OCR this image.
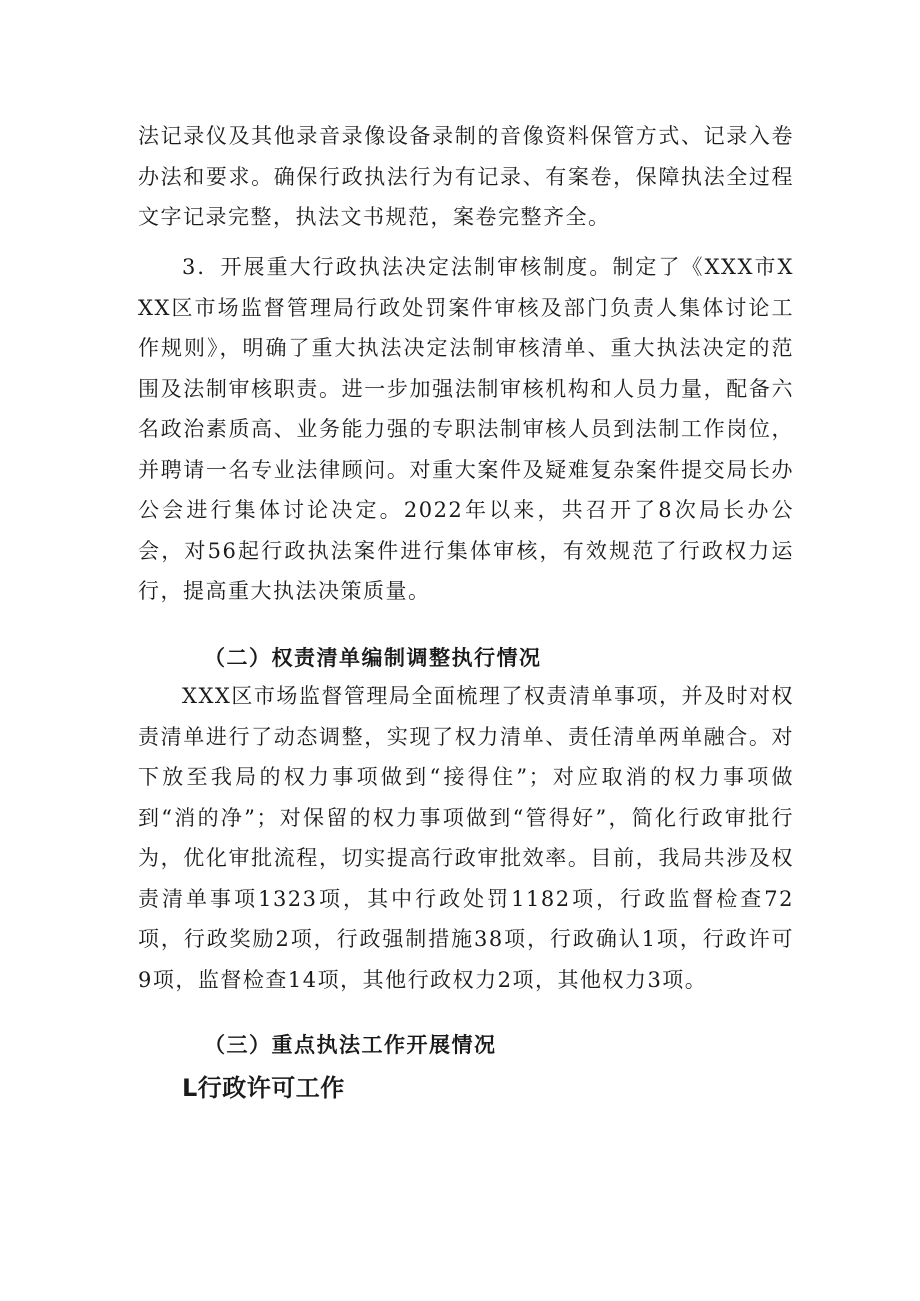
法记录仪及其他录音录像设备录制的音像资料保管方式、记录入卷办法和要求。确保行政执法行为有记录、有案卷，保障执法全过程文字记录完整，执法文书规范，案卷完整齐全。

3．开展重大行政执法决定法制审核制度。制定了《XXX市XXX区市场监督管理局行政处罚案件审核及部门负责人集体讨论工作规则》，明确了重大执法决定法制审核清单、重大执法决定的范围及法制审核职责。进一步加强法制审核机构和人员力量，配备六名政治素质高、业务能力强的专职法制审核人员到法制工作岗位，并聘请一名专业法律顾问。对重大案件及疑难复杂案件提交局长办公会进行集体讨论决定。2022年以来，共召开了8次局长办公会，对56起行政执法案件进行集体审核，有效规范了行政权力运行，提高重大执法决策质量。

（二）权责清单编制调整执行情况

XXX区市场监督管理局全面梳理了权责清单事项，并及时对权责清单进行了动态调整，实现了权力清单、责任清单两单融合。对下放至我局的权力事项做到“接得住”；对应取消的权力事项做到“消的净”；对保留的权力事项做到“管得好”，简化行政审批行为，优化审批流程，切实提高行政审批效率。目前，我局共涉及权责清单事项1323项，其中行政处罚1182项，行政监督检查72项，行政奖励2项，行政强制措施38项，行政确认1项，行政许可9项，监督检查14项，其他行政权力2项，其他权力3项。

（三）重点执法工作开展情况
L行政许可工作
